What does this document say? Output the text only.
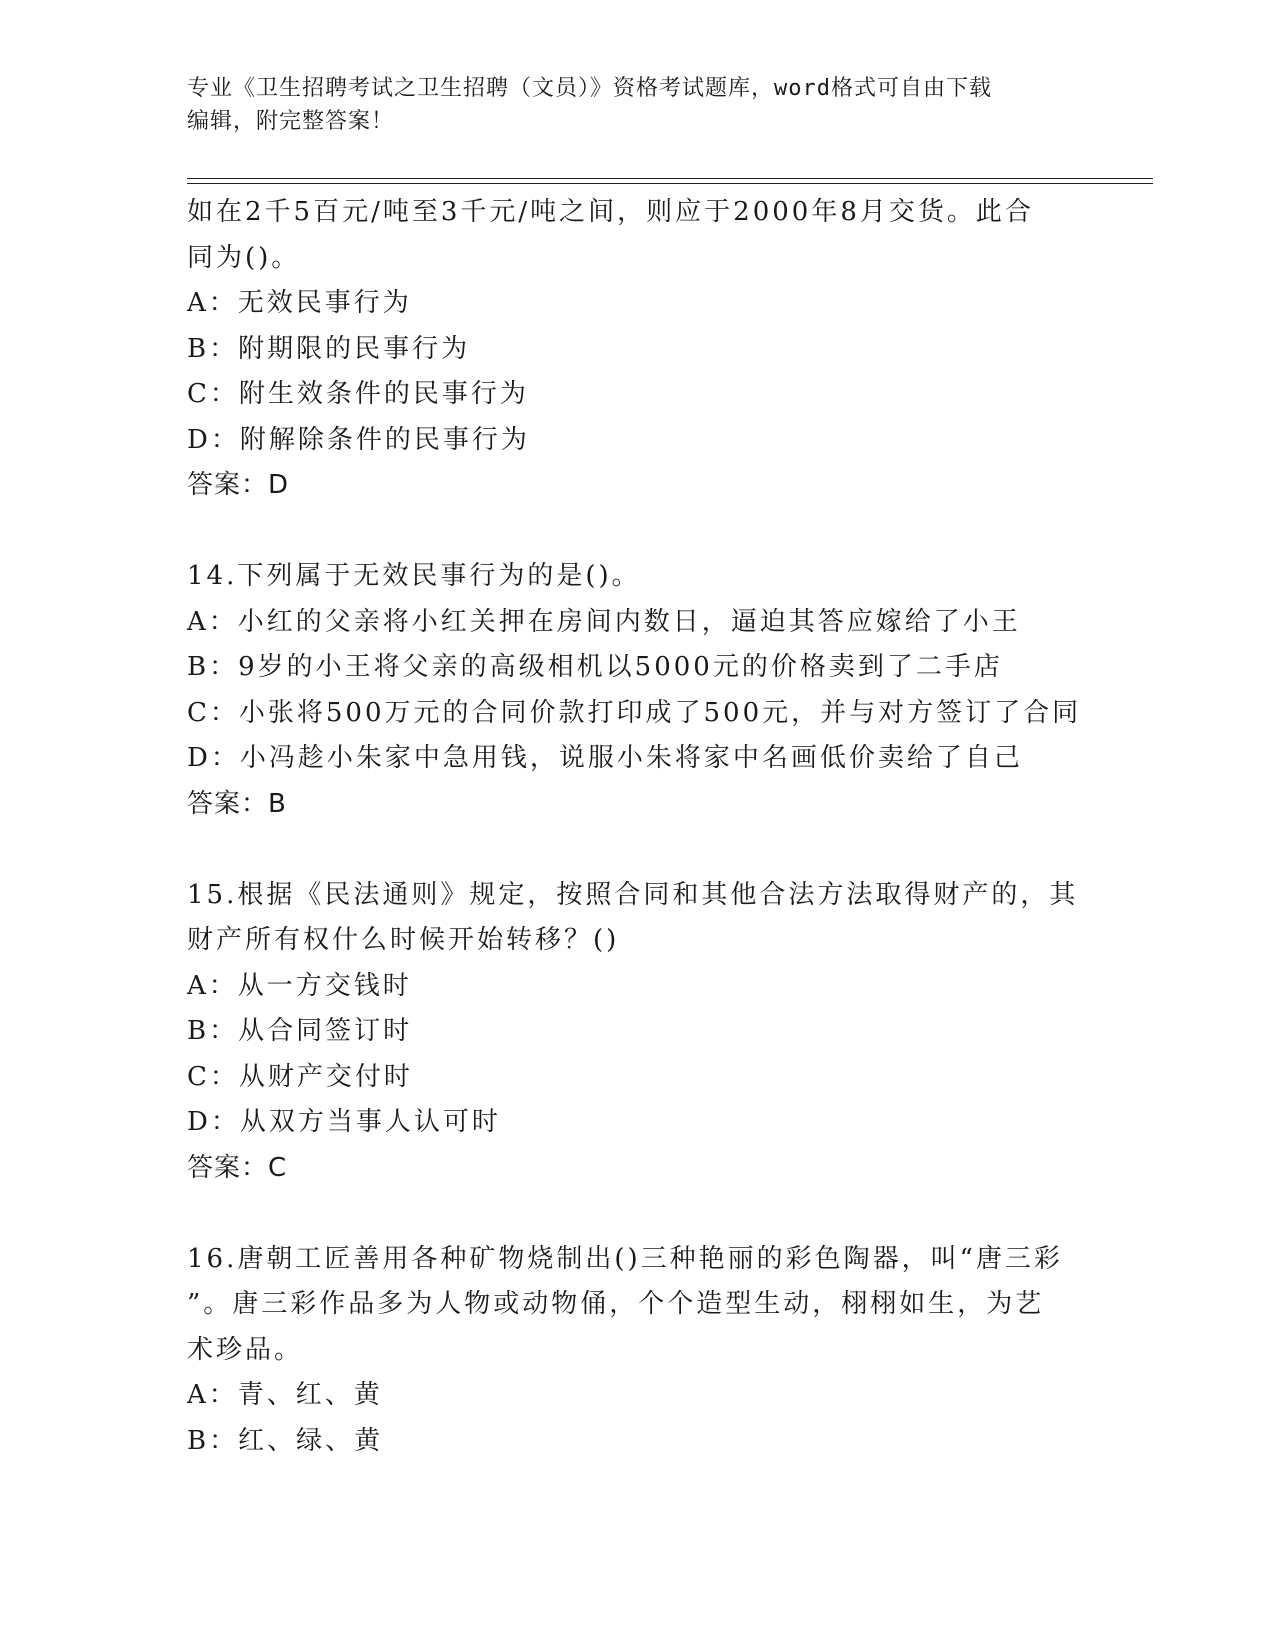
专业《卫生招聘考试之卫生招聘（文员）》资格考试题库，word格式可自由下载
编辑，附完整答案！
如在2千5百元/吨至3千元/吨之间，则应于2000年8月交货。此合
同为()。
A：无效民事行为
B：附期限的民事行为
C：附生效条件的民事行为
D：附解除条件的民事行为
答案：D
14.下列属于无效民事行为的是()。
A：小红的父亲将小红关押在房间内数日，逼迫其答应嫁给了小王
B：9岁的小王将父亲的高级相机以5000元的价格卖到了二手店
C：小张将500万元的合同价款打印成了500元，并与对方签订了合同
D：小冯趁小朱家中急用钱，说服小朱将家中名画低价卖给了自己
答案：B
15.根据《民法通则》规定，按照合同和其他合法方法取得财产的，其
财产所有权什么时候开始转移？()
A：从一方交钱时
B：从合同签订时
C：从财产交付时
D：从双方当事人认可时
答案：C
16.唐朝工匠善用各种矿物烧制出()三种艳丽的彩色陶器，叫“唐三彩
”。唐三彩作品多为人物或动物俑，个个造型生动，栩栩如生，为艺
术珍品。
A：青、红、黄
B：红、绿、黄
